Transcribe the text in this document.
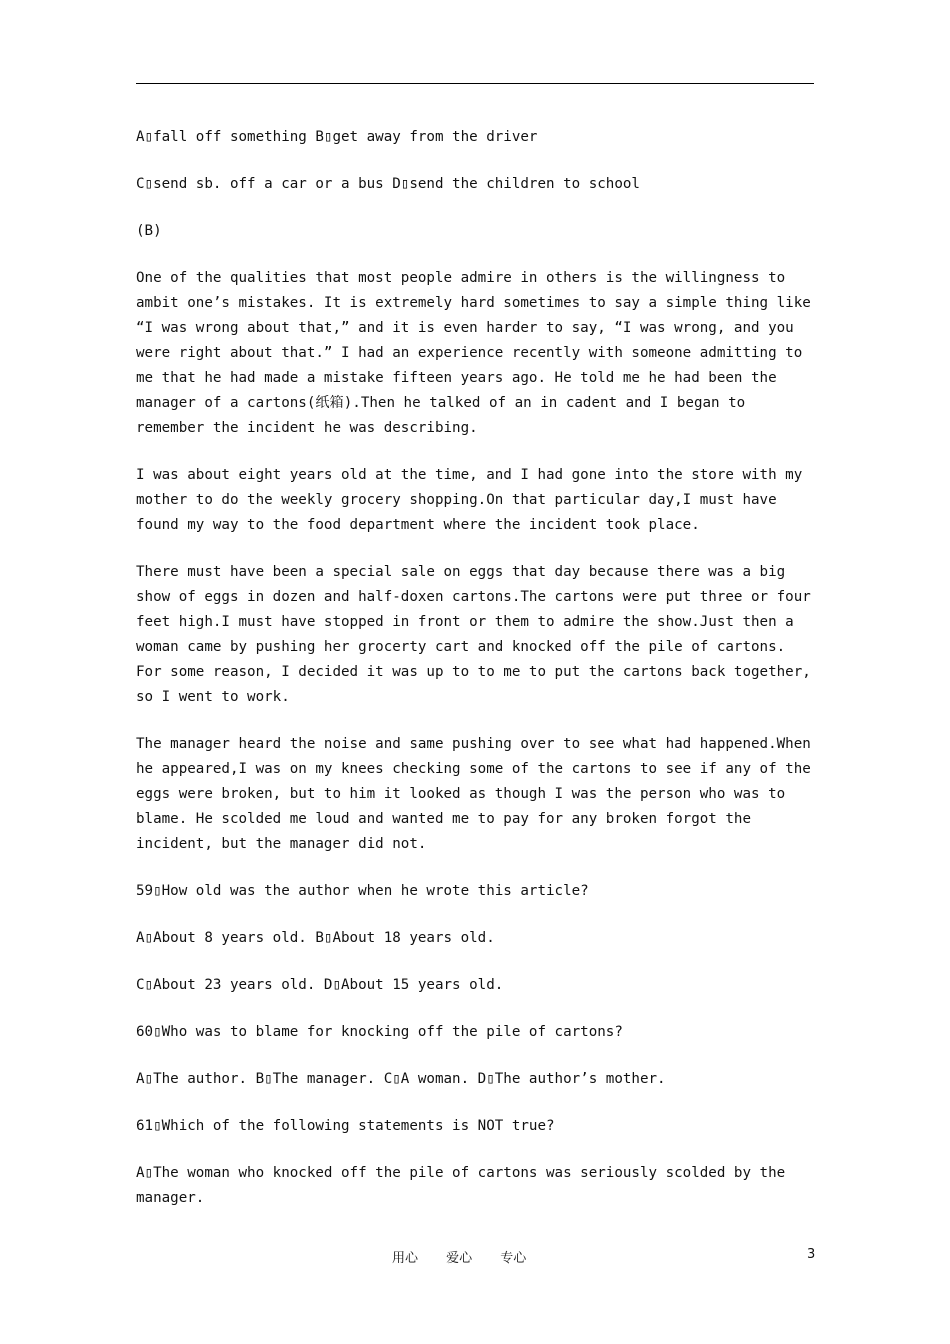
A▯fall off something B▯get away from the driver

C▯send sb. off a car or a bus D▯send the children to school

(B)

One of the qualities that most people admire in others is the willingness to ambit one’s mistakes. It is extremely hard sometimes to say a simple thing like “I was wrong about that,” and it is even harder to say, “I was wrong, and you were right about that.” I had an experience recently with someone admitting to me that he had made a mistake fifteen years ago. He told me he had been the manager of a cartons(纸箱).Then he talked of an in cadent and I began to remember the incident he was describing.

I was about eight years old at the time, and I had gone into the store with my mother to do the weekly grocery shopping.On that particular day,I must have found my way to the food department where the incident took place.

There must have been a special sale on eggs that day because there was a big show of eggs in dozen and half-doxen cartons.The cartons were put three or four feet high.I must have stopped in front or them to admire the show.Just then a woman came by pushing her grocerty cart and knocked off the pile of cartons. For some reason, I decided it was up to to me to put the cartons back together, so I went to work.

The manager heard the noise and same pushing over to see what had happened.When he appeared,I was on my knees checking some of the cartons to see if any of the eggs were broken, but to him it looked as though I was the person who was to blame. He scolded me loud and wanted me to pay for any broken forgot the incident, but the manager did not.

59▯How old was the author when he wrote this article?

A▯About 8 years old. B▯About 18 years old.

C▯About 23 years old. D▯About 15 years old.

60▯Who was to blame for knocking off the pile of cartons?

A▯The author. B▯The manager. C▯A woman. D▯The author’s mother.

61▯Which of the following statements is NOT true?

A▯The woman who knocked off the pile of cartons was seriously scolded by the manager.

用心 爱心 专心	3
